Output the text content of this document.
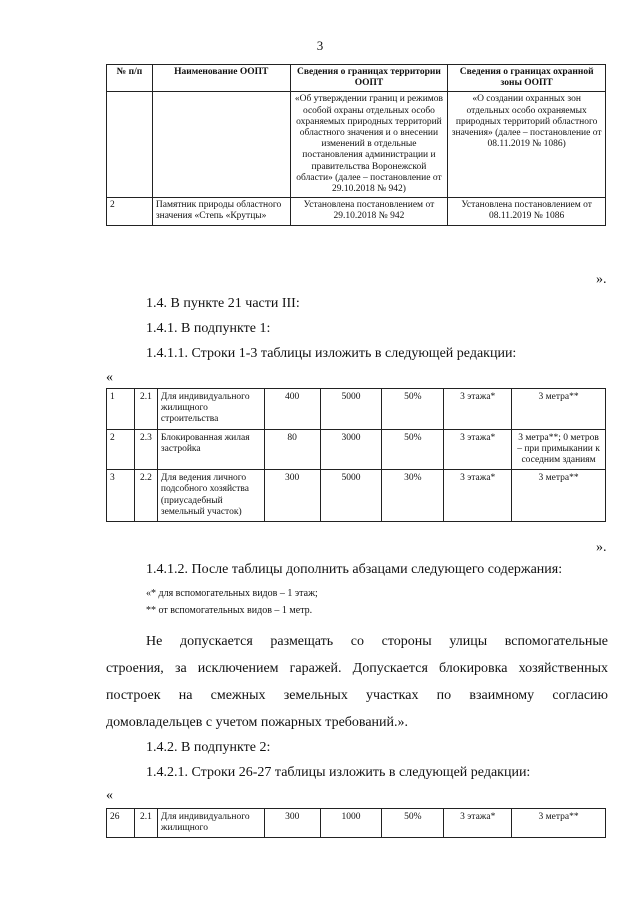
3
№ п/п	Наименование ООПТ	Сведения о границах территории ООПТ	Сведения о границах охранной зоны ООПТ
		«Об утверждении границ и режимов особой охраны отдельных особо охраняемых природных территорий областного значения и о внесении изменений в отдельные постановления администрации и правительства Воронежской области» (далее – постановление от 29.10.2018 № 942)	«О создании охранных зон отдельных особо охраняемых природных территорий областного значения» (далее – постановление от 08.11.2019 № 1086)
2	Памятник природы областного значения «Степь «Крутцы»	Установлена постановлением от 29.10.2018 № 942	Установлена постановлением от 08.11.2019 № 1086
».
1.4. В пункте 21 части III:
1.4.1. В подпункте 1:
1.4.1.1. Строки 1-3 таблицы изложить в следующей редакции:
«
1	2.1	Для индивидуального жилищного строительства	400	5000	50%	3 этажа*	3 метра**
2	2.3	Блокированная жилая застройка	80	3000	50%	3 этажа*	3 метра**; 0 метров – при примыкании к соседним зданиям
3	2.2	Для ведения личного подсобного хозяйства (приусадебный земельный участок)	300	5000	30%	3 этажа*	3 метра**
».
1.4.1.2. После таблицы дополнить абзацами следующего содержания:
«* для вспомогательных видов – 1 этаж;
** от вспомогательных видов – 1 метр.
Не допускается размещать со стороны улицы вспомогательные
строения, за исключением гаражей. Допускается блокировка хозяйственных
построек на смежных земельных участках по взаимному согласию
домовладельцев с учетом пожарных требований.».
1.4.2. В подпункте 2:
1.4.2.1. Строки 26-27 таблицы изложить в следующей редакции:
«
26	2.1	Для индивидуального жилищного	300	1000	50%	3 этажа*	3 метра**
